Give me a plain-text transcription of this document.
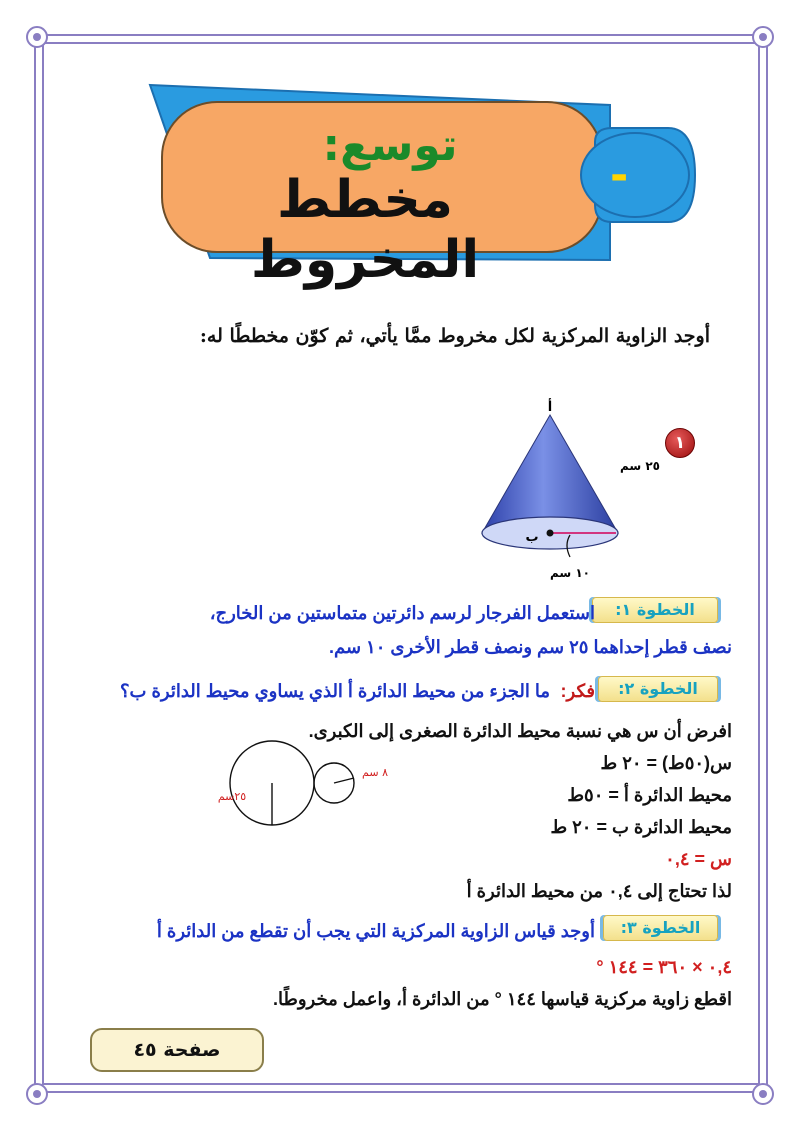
توسع:
مخطط المخروط
-
أوجد الزاوية المركزية لكل مخروط ممَّا يأتي، ثم كوّن مخططًا له:
١
أ
٢٥ سم
ب
١٠ سم
الخطوة ١:
استعمل الفرجار لرسم دائرتين متماستين من الخارج،
نصف قطر إحداهما ٢٥ سم ونصف قطر الأخرى ١٠ سم.
الخطوة ٢:
فكر:
ما الجزء من محيط الدائرة أ الذي يساوي محيط الدائرة ب؟
افرض أن س هي نسبة محيط الدائرة الصغرى إلى الكبرى.
س(٥٠ط) = ٢٠ ط
محيط الدائرة أ = ٥٠ط
محيط الدائرة ب = ٢٠ ط
س = ٠,٤
لذا تحتاج إلى ٠,٤ من محيط الدائرة أ
٢٥سم
٨ سم
الخطوة ٣:
أوجد قياس الزاوية المركزية التي يجب أن تقطع من الدائرة أ
٠,٤ × ٣٦٠ = ١٤٤ °
اقطع زاوية مركزية قياسها ١٤٤ ° من الدائرة أ، واعمل مخروطًا.
صفحة ٤٥
